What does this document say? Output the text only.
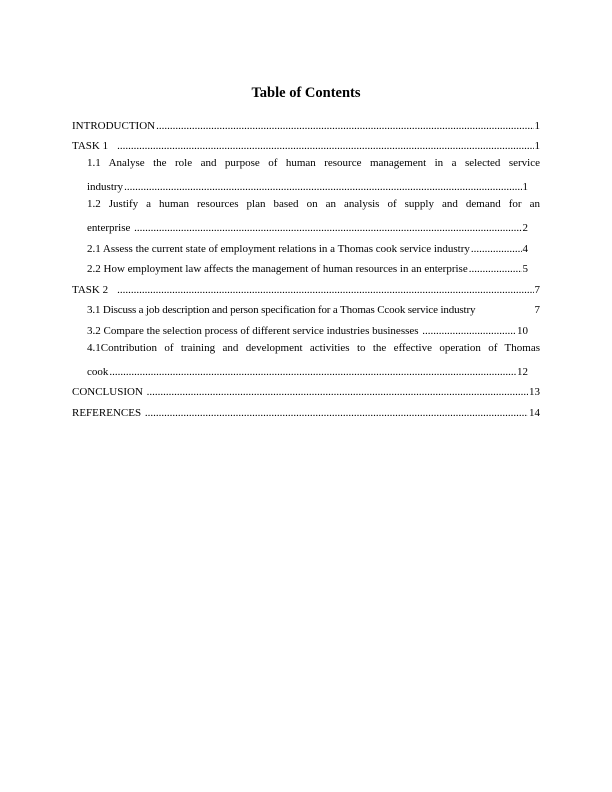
Table of Contents
INTRODUCTION .....	1
TASK 1 .....	1
1.1 Analyse the role and purpose of human resource management in a selected service
industry .....	1
1.2 Justify a human resources plan based on an analysis of supply and demand for an
enterprise .....	2
2.1 Assess the current state of employment relations in a Thomas cook service industry .....	4
2.2 How employment law affects the management of human resources in an enterprise .....	5
TASK 2 .....	7
3.1 Discuss a job description and person specification for a Thomas Ccook service industry	7
3.2 Compare the selection process of different service industries businesses .....	10
4.1Contribution of training and development activities to the effective operation of Thomas
cook .....	12
CONCLUSION .....	13
REFERENCES .....	14
